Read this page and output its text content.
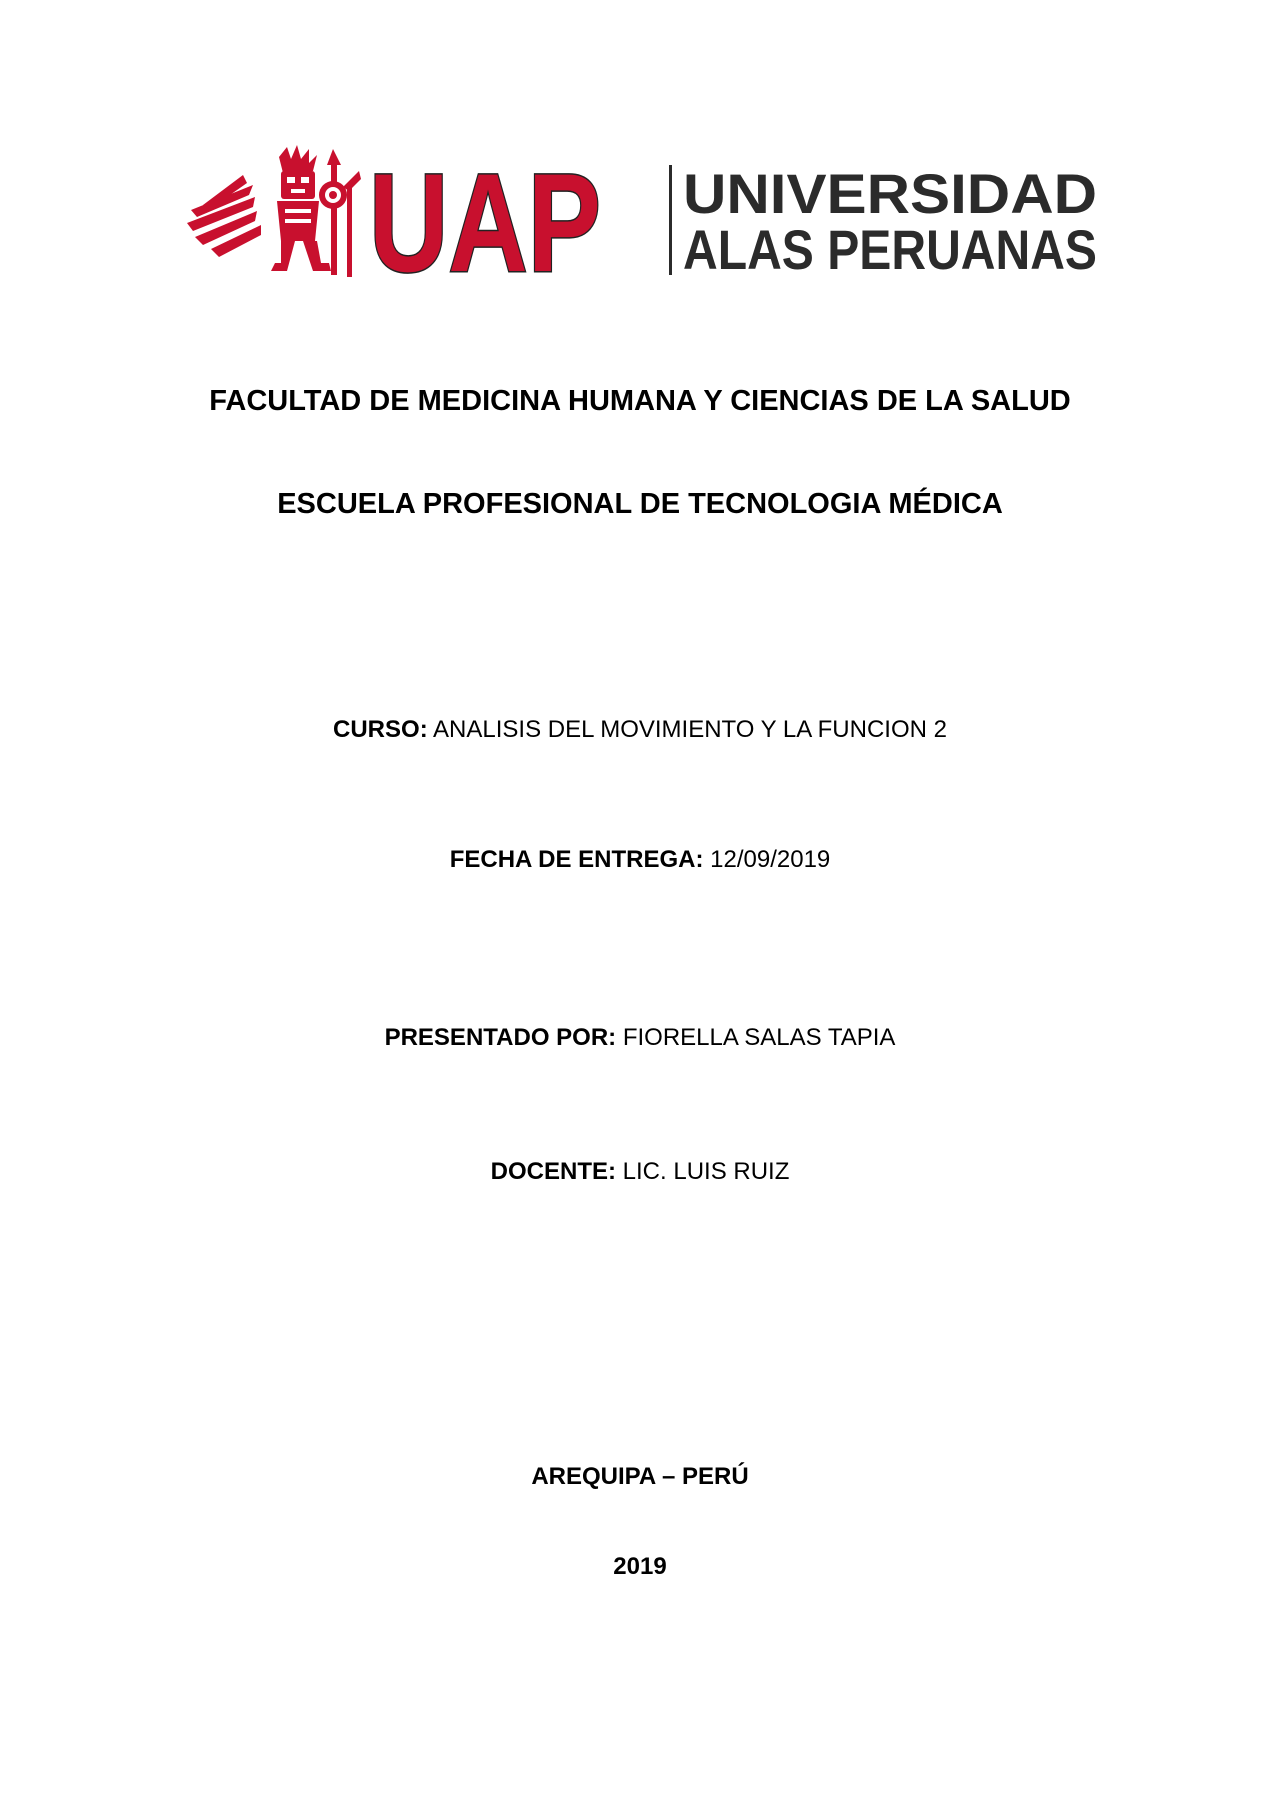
UAP UNIVERSIDAD
ALAS PERUANAS
FACULTAD DE MEDICINA HUMANA Y CIENCIAS DE LA SALUD
ESCUELA PROFESIONAL DE TECNOLOGIA MÉDICA
CURSO: ANALISIS DEL MOVIMIENTO Y LA FUNCION 2
FECHA DE ENTREGA: 12/09/2019
PRESENTADO POR: FIORELLA SALAS TAPIA
DOCENTE: LIC. LUIS RUIZ
AREQUIPA – PERÚ
2019
